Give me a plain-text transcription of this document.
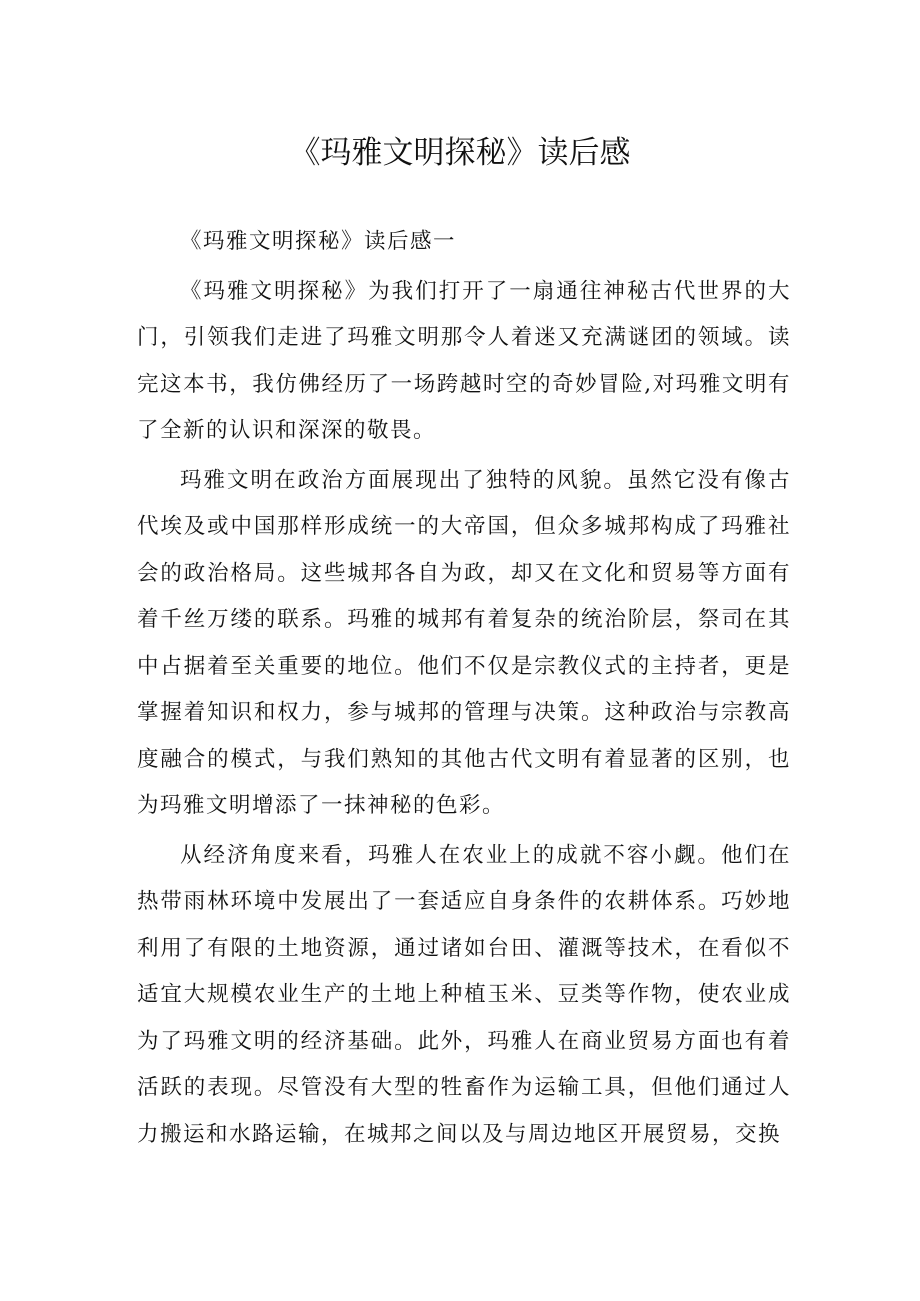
《玛雅文明探秘》读后感

《玛雅文明探秘》读后感一

《玛雅文明探秘》为我们打开了一扇通往神秘古代世界的大门，引领我们走进了玛雅文明那令人着迷又充满谜团的领域。读完这本书，我仿佛经历了一场跨越时空的奇妙冒险,对玛雅文明有了全新的认识和深深的敬畏。

玛雅文明在政治方面展现出了独特的风貌。虽然它没有像古代埃及或中国那样形成统一的大帝国，但众多城邦构成了玛雅社会的政治格局。这些城邦各自为政，却又在文化和贸易等方面有着千丝万缕的联系。玛雅的城邦有着复杂的统治阶层，祭司在其中占据着至关重要的地位。他们不仅是宗教仪式的主持者，更是掌握着知识和权力，参与城邦的管理与决策。这种政治与宗教高度融合的模式，与我们熟知的其他古代文明有着显著的区别，也为玛雅文明增添了一抹神秘的色彩。

从经济角度来看，玛雅人在农业上的成就不容小觑。他们在热带雨林环境中发展出了一套适应自身条件的农耕体系。巧妙地利用了有限的土地资源，通过诸如台田、灌溉等技术，在看似不适宜大规模农业生产的土地上种植玉米、豆类等作物，使农业成为了玛雅文明的经济基础。此外，玛雅人在商业贸易方面也有着活跃的表现。尽管没有大型的牲畜作为运输工具，但他们通过人力搬运和水路运输，在城邦之间以及与周边地区开展贸易，交换
